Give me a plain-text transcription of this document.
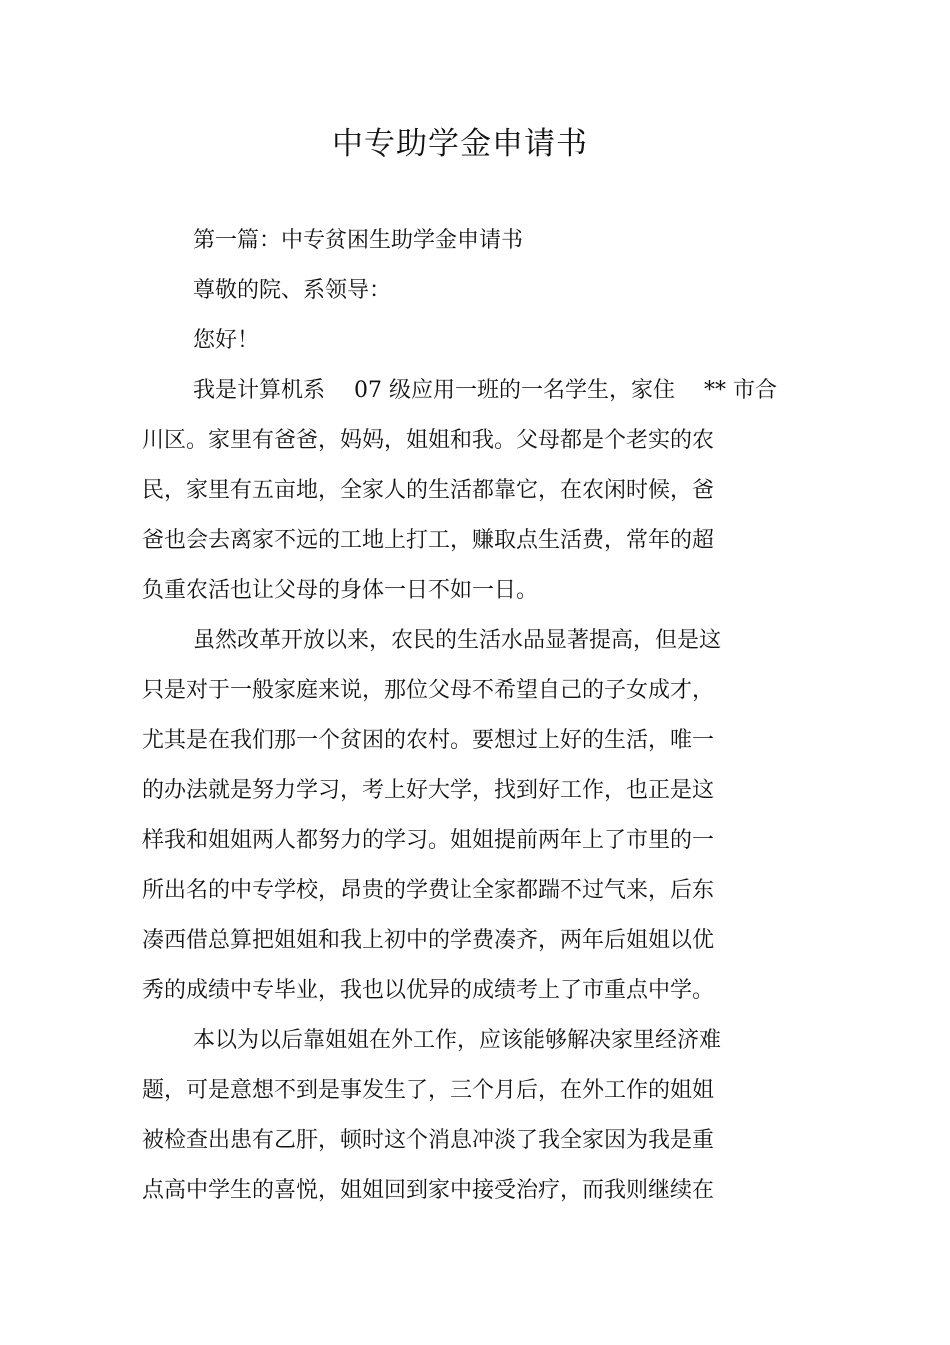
中专助学金申请书
第一篇：中专贫困生助学金申请书
尊敬的院、系领导：
您好！
我是计算机系　 07 级应用一班的一名学生，家住 　** 市合
川区。家里有爸爸，妈妈，姐姐和我。父母都是个老实的农
民，家里有五亩地，全家人的生活都靠它，在农闲时候，爸
爸也会去离家不远的工地上打工，赚取点生活费，常年的超
负重农活也让父母的身体一日不如一日。
虽然改革开放以来，农民的生活水品显著提高，但是这
只是对于一般家庭来说，那位父母不希望自己的子女成才，
尤其是在我们那一个贫困的农村。要想过上好的生活，唯一
的办法就是努力学习，考上好大学，找到好工作，也正是这
样我和姐姐两人都努力的学习。姐姐提前两年上了市里的一
所出名的中专学校，昂贵的学费让全家都踹不过气来，后东
凑西借总算把姐姐和我上初中的学费凑齐，两年后姐姐以优
秀的成绩中专毕业，我也以优异的成绩考上了市重点中学。
本以为以后靠姐姐在外工作，应该能够解决家里经济难
题，可是意想不到是事发生了，三个月后，在外工作的姐姐
被检查出患有乙肝，顿时这个消息冲淡了我全家因为我是重
点高中学生的喜悦，姐姐回到家中接受治疗，而我则继续在
